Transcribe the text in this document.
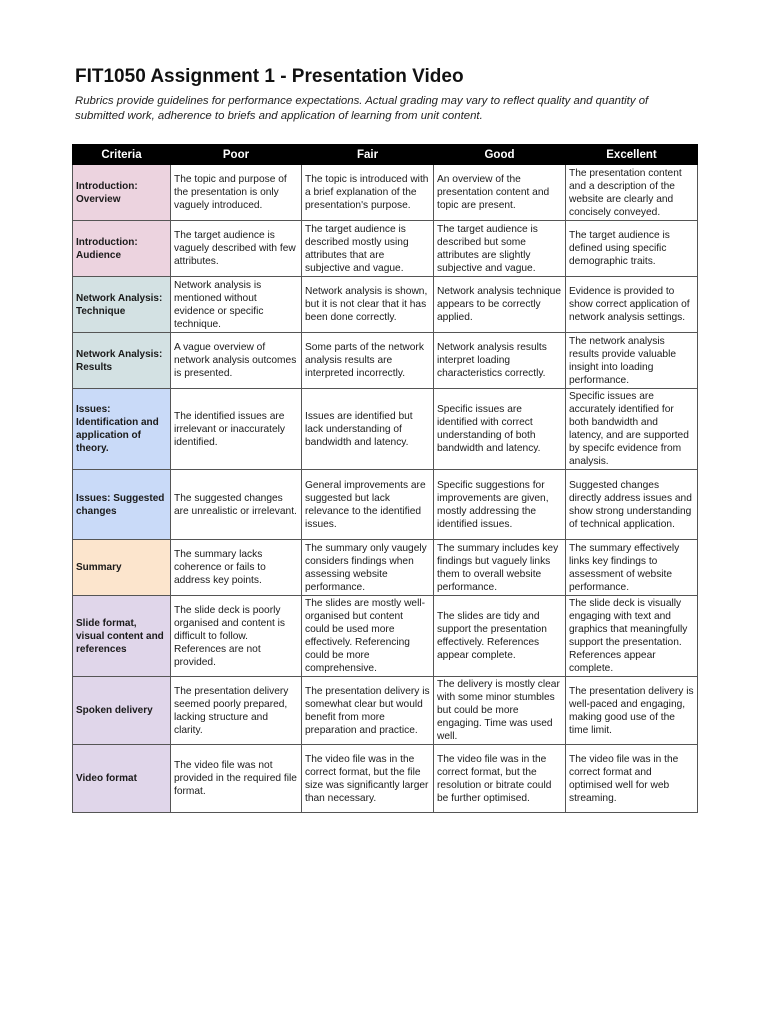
FIT1050 Assignment 1 - Presentation Video

Rubrics provide guidelines for performance expectations. Actual grading may vary to reflect quality and quantity of submitted work, adherence to briefs and application of learning from unit content.

Criteria	Poor	Fair	Good	Excellent
Introduction: Overview	The topic and purpose of the presentation is only vaguely introduced.	The topic is introduced with a brief explanation of the presentation's purpose.	An overview of the presentation content and topic are present.	The presentation content and a description of the website are clearly and concisely conveyed.
Introduction: Audience	The target audience is vaguely described with few attributes.	The target audience is described mostly using attributes that are subjective and vague.	The target audience is described but some attributes are slightly subjective and vague.	The target audience is defined using specific demographic traits.
Network Analysis: Technique	Network analysis is mentioned without evidence or specific technique.	Network analysis is shown, but it is not clear that it has been done correctly.	Network analysis technique appears to be correctly applied.	Evidence is provided to show correct application of network analysis settings.
Network Analysis: Results	A vague overview of network analysis outcomes is presented.	Some parts of the network analysis results are interpreted incorrectly.	Network analysis results interpret loading characteristics correctly.	The network analysis results provide valuable insight into loading performance.
Issues: Identification and application of theory.	The identified issues are irrelevant or inaccurately identified.	Issues are identified but lack understanding of bandwidth and latency.	Specific issues are identified with correct understanding of both bandwidth and latency.	Specific issues are accurately identified for both bandwidth and latency, and are supported by specifc evidence from analysis.
Issues: Suggested changes	The suggested changes are unrealistic or irrelevant.	General improvements are suggested but lack relevance to the identified issues.	Specific suggestions for improvements are given, mostly addressing the identified issues.	Suggested changes directly address issues and show strong understanding of technical application.
Summary	The summary lacks coherence or fails to address key points.	The summary only vaugely considers findings when assessing website performance.	The summary includes key findings but vaguely links them to overall website performance.	The summary effectively links key findings to assessment of website performance.
Slide format, visual content and references	The slide deck is poorly organised and content is difficult to follow. References are not provided.	The slides are mostly well-organised but content could be used more effectively. Referencing could be more comprehensive.	The slides are tidy and support the presentation effectively. References appear complete.	The slide deck is visually engaging with text and graphics that meaningfully support the presentation. References appear complete.
Spoken delivery	The presentation delivery seemed poorly prepared, lacking structure and clarity.	The presentation delivery is somewhat clear but would benefit from more preparation and practice.	The delivery is mostly clear with some minor stumbles but could be more engaging. Time was used well.	The presentation delivery is well-paced and engaging, making good use of the time limit.
Video format	The video file was not provided in the required file format.	The video file was in the correct format, but the file size was significantly larger than necessary.	The video file was in the correct format, but the resolution or bitrate could be further optimised.	The video file was in the correct format and optimised well for web streaming.
